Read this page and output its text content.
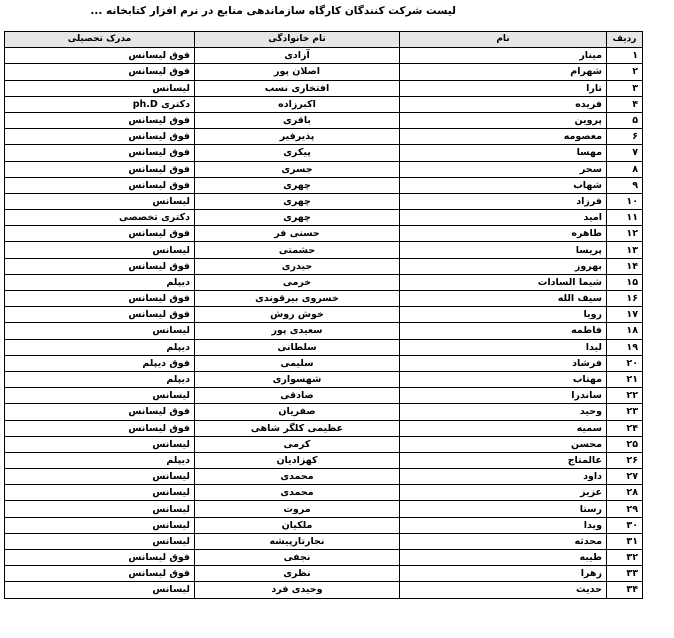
لیست شرکت کنندگان کارگاه سازماندهی منابع در نرم افزار کتابخانه ...
ردیف	نام	نام خانوادگی	مدرک تحصیلی
۱	مینار	آزادی	فوق لیسانس
۲	شهرام	اصلان پور	فوق لیسانس
۳	تارا	افتخاری نسب	لیسانس
۴	فریده	اکبرزاده	دکتری ph.D
۵	پروین	باقری	فوق لیسانس
۶	معصومه	پذیرفیر	فوق لیسانس
۷	مهسا	پیکری	فوق لیسانس
۸	سحر	جسری	فوق لیسانس
۹	شهاب	چهری	فوق لیسانس
۱۰	فرزاد	چهری	لیسانس
۱۱	امید	چهری	دکتری تخصصی
۱۲	طاهره	حسنی فر	فوق لیسانس
۱۳	پریسا	حشمتی	لیسانس
۱۴	بهروز	حیدری	فوق لیسانس
۱۵	شیما السادات	خرمی	دیپلم
۱۶	سیف الله	خسروی بیرقوندی	فوق لیسانس
۱۷	رویا	خوش روش	فوق لیسانس
۱۸	فاطمه	سعیدی پور	لیسانس
۱۹	لیدا	سلطانی	دیپلم
۲۰	فرشاد	سلیمی	فوق دیپلم
۲۱	مهتاب	شهسواری	دیپلم
۲۲	ساندرا	صادقی	لیسانس
۲۳	وحید	صفریان	فوق لیسانس
۲۴	سمیه	عظیمی کلگر شاهی	فوق لیسانس
۲۵	محسن	کرمی	لیسانس
۲۶	عالمتاج	کهزادیان	دیپلم
۲۷	داود	محمدی	لیسانس
۲۸	عزیز	محمدی	لیسانس
۲۹	رستا	مروت	لیسانس
۳۰	ویدا	ملکیان	لیسانس
۳۱	محدثه	نجارتارپیشه	لیسانس
۳۲	طیبه	نجفی	فوق لیسانس
۳۳	زهرا	نظری	فوق لیسانس
۳۴	حدیث	وحیدی فرد	لیسانس
